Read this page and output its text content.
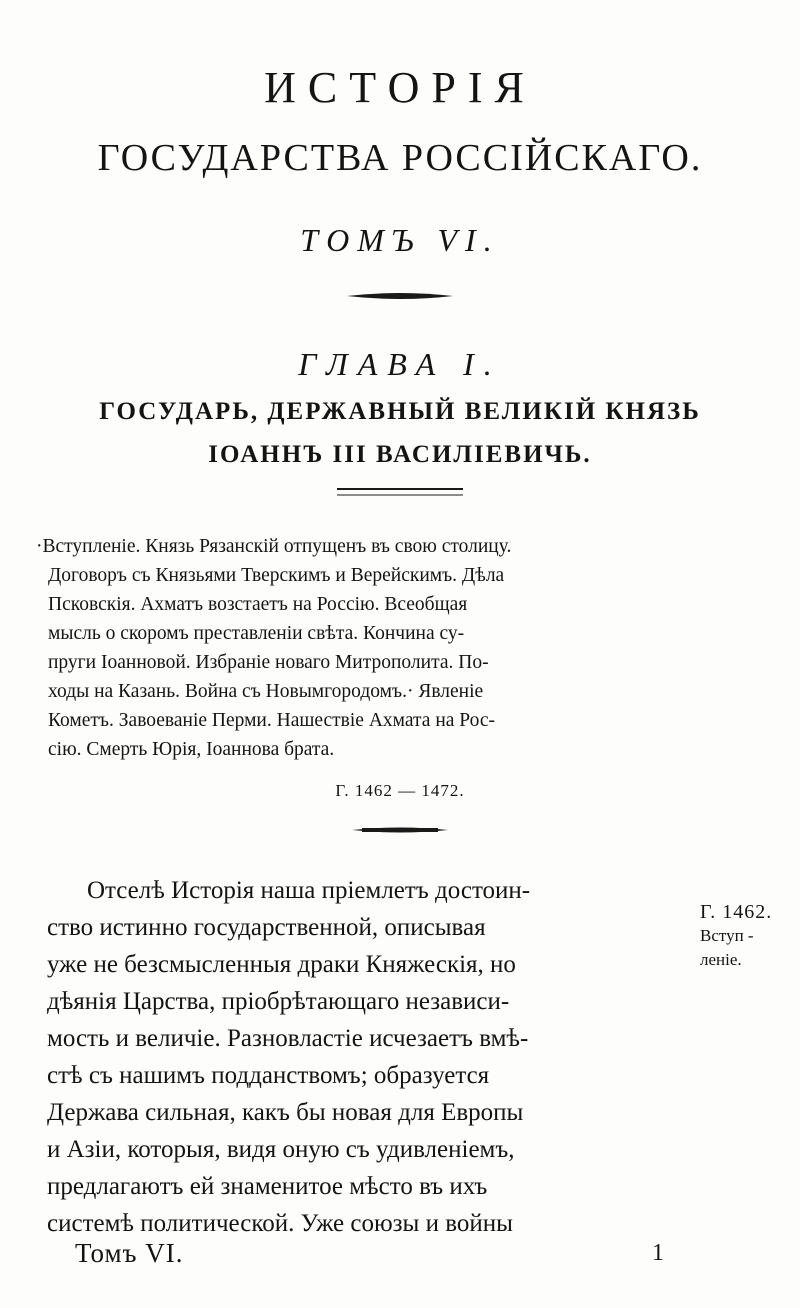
ИСТОРІЯ
ГОСУДАРСТВА РОССІЙСКАГО.
ТОМЪ VI.
ГЛАВА I.
ГОСУДАРЬ, ДЕРЖАВНЫЙ ВЕЛИКІЙ КНЯЗЬ
ІОАННЪ III ВАСИЛІЕВИЧЬ.
·Вступленіе. Князь Рязанскій отпущенъ въ свою столицу.
Договоръ съ Князьями Тверскимъ и Верейскимъ. Дѣла
Псковскія. Ахматъ возстаетъ на Россію. Всеобщая
мысль о скоромъ преставленіи свѣта. Кончина су-
пруги Іоанновой. Избраніе новаго Митрополита. По-
ходы на Казань. Война съ Новымгородомъ.· Явленіе
Кометъ. Завоеваніе Перми. Нашествіе Ахмата на Рос-
сію. Смерть Юрія, Іоаннова брата.
Г. 1462 — 1472.
Отселѣ Исторія наша пріемлетъ достоин-
ство истинно государственной, описывая
уже не безсмысленныя драки Княжескія, но
дѣянія Царства, пріобрѣтающаго независи-
мость и величіе. Разновластіе исчезаетъ вмѣ-
стѣ съ нашимъ подданствомъ; образуется
Держава сильная, какъ бы новая для Европы
и Азіи, которыя, видя оную съ удивленіемъ,
предлагаютъ ей знаменитое мѣсто въ ихъ
системѣ политической. Уже союзы и войны
Г. 1462.
Вступ -
леніе.
Томъ VI.	1
